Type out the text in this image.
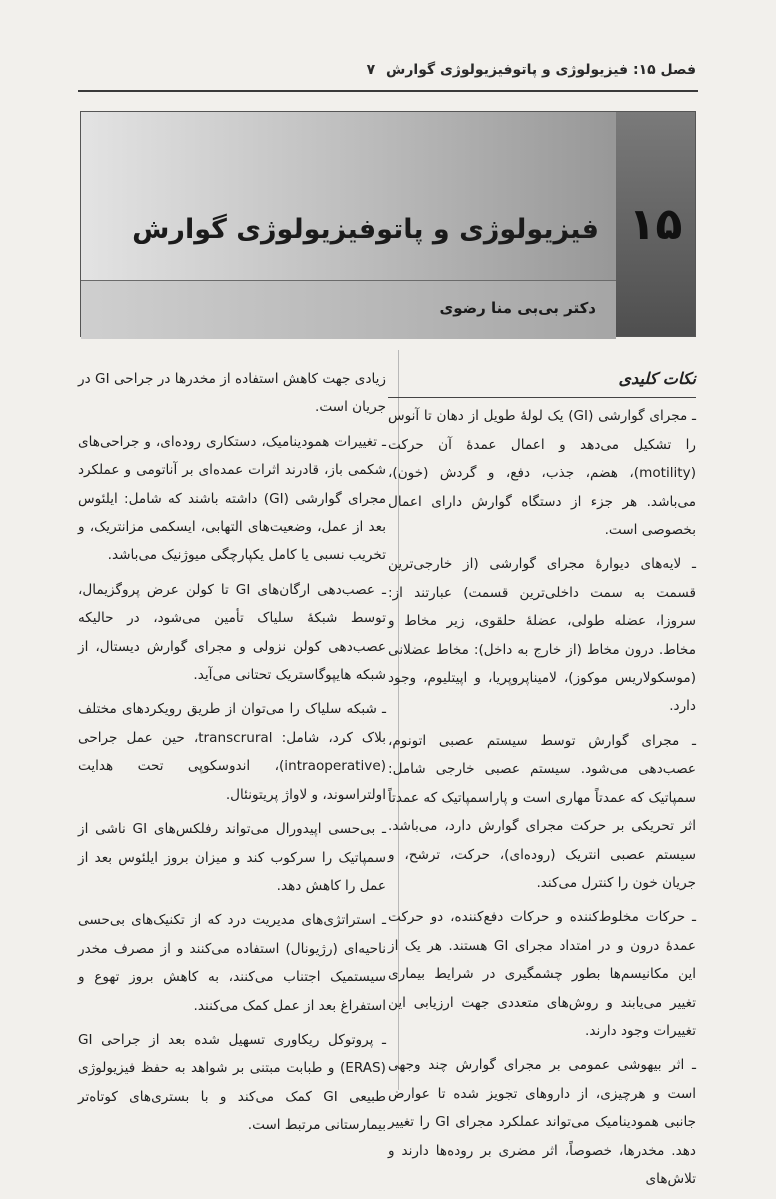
فصل ۱۵: فیزیولوژی و پاتوفیزیولوژی گوارش ۷
۱۵
فیزیولوژی و پاتوفیزیولوژی گوارش
دکتر بی‌بی منا رضوی
نکات کلیدی

ـ مجرای گوارشی (GI) یک لولهٔ طویل از دهان تا آنوس را تشکیل می‌دهد و اعمال عمدهٔ آن حرکت (motility)، هضم، جذب، دفع، و گردش (خون)، می‌باشد. هر جزء از دستگاه گوارش دارای اعمال بخصوصی است.

ـ لایه‌های دیوارهٔ مجرای گوارشی (از خارجی‌ترین قسمت به سمت داخلی‌ترین قسمت) عبارتند از: سروزا، عضله طولی، عضلهٔ حلقوی، زیر مخاط و مخاط. درون مخاط (از خارج به داخل): مخاط عضلانی (موسکولاریس موکوز)، لامیناپروپریا، و اپیتلیوم، وجود دارد.

ـ مجرای گوارش توسط سیستم عصبی اتونوم، عصب‌دهی می‌شود. سیستم عصبی خارجی شامل: سمپاتیک که عمدتاً مهاری است و پاراسمپاتیک که عمدتاً اثر تحریکی بر حرکت مجرای گوارش دارد، می‌باشد. سیستم عصبی انتریک (روده‌ای)، حرکت، ترشح، و جریان خون را کنترل می‌کند.

ـ حرکات مخلوط‌کننده و حرکات دفع‌کننده، دو حرکت عمدهٔ درون و در امتداد مجرای GI هستند. هر یک از این مکانیسم‌ها بطور چشمگیری در شرایط بیماری تغییر می‌یابند و روش‌های متعددی جهت ارزیابی این تغییرات وجود دارند.

ـ اثر بیهوشی عمومی بر مجرای گوارش چند وجهی است و هرچیزی، از داروهای تجویز شده تا عوارض جانبی همودینامیک می‌تواند عملکرد مجرای GI را تغییر دهد. مخدرها، خصوصاً، اثر مضری بر روده‌ها دارند و تلاش‌های

زیادی جهت کاهش استفاده از مخدرها در جراحی GI در جریان است.

ـ تغییرات همودینامیک، دستکاری روده‌ای، و جراحی‌های شکمی باز، قادرند اثرات عمده‌ای بر آناتومی و عملکرد مجرای گوارشی (GI) داشته باشند که شامل: ایلئوس بعد از عمل، وضعیت‌های التهابی، ایسکمی مزانتریک، و تخریب نسبی یا کامل یکپارچگی میوژنیک می‌باشد.

ـ عصب‌دهی ارگان‌های GI تا کولن عرض پروگزیمال، توسط شبکهٔ سلیاک تأمین می‌شود، در حالیکه عصب‌دهی کولن نزولی و مجرای گوارش دیستال، از شبکه هایپوگاستریک تحتانی می‌آید.

ـ شبکه سلیاک را می‌توان از طریق رویکردهای مختلف بلاک کرد، شامل: transcrural، حین عمل جراحی (intraoperative)، اندوسکوپی تحت هدایت اولتراسوند، و لاواژ پریتونئال.

ـ بی‌حسی اپیدورال می‌تواند رفلکس‌های GI ناشی از سمپاتیک را سرکوب کند و میزان بروز ایلئوس بعد از عمل را کاهش دهد.

ـ استراتژی‌های مدیریت درد که از تکنیک‌های بی‌حسی ناحیه‌ای (رژیونال) استفاده می‌کنند و از مصرف مخدر سیستمیک اجتناب می‌کنند، به کاهش بروز تهوع و استفراغ بعد از عمل کمک می‌کنند.

ـ پروتوکل ریکاوری تسهیل شده بعد از جراحی GI (ERAS) و طبابت مبتنی بر شواهد به حفظ فیزیولوژی طبیعی GI کمک می‌کند و با بستری‌های کوتاه‌تر بیمارستانی مرتبط است.
